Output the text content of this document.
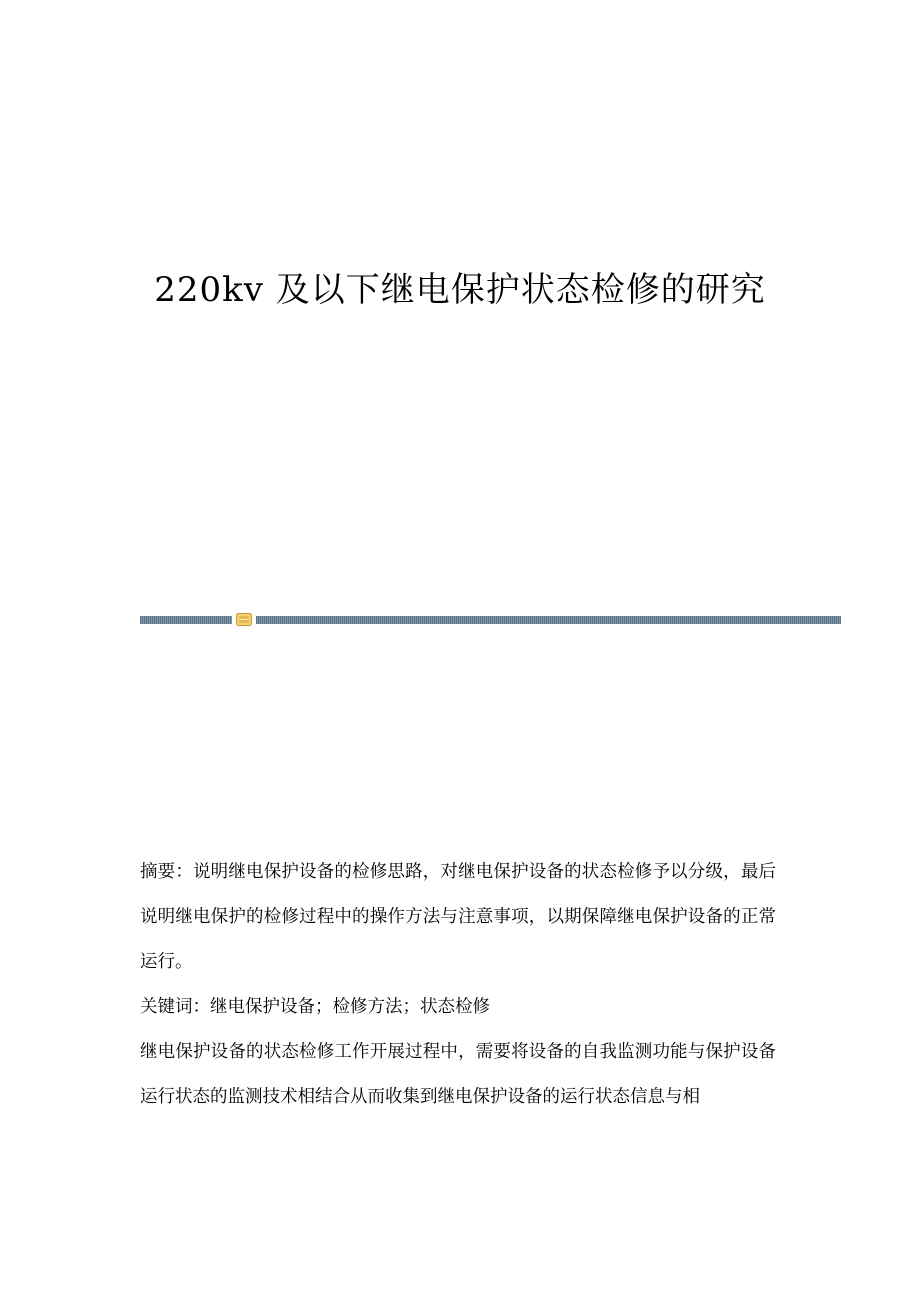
220kv 及以下继电保护状态检修的研究

摘要：说明继电保护设备的检修思路，对继电保护设备的状态检修予以分级，最后说明继电保护的检修过程中的操作方法与注意事项，以期保障继电保护设备的正常运行。

关键词：继电保护设备；检修方法；状态检修

继电保护设备的状态检修工作开展过程中，需要将设备的自我监测功能与保护设备运行状态的监测技术相结合从而收集到继电保护设备的运行状态信息与相
